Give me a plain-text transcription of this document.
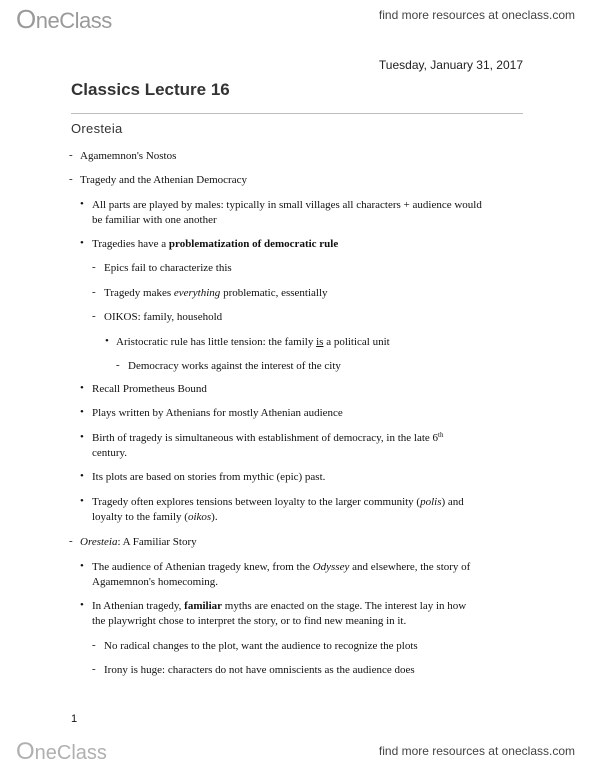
OneClass	find more resources at oneclass.com
Tuesday, January 31, 2017
Classics Lecture 16
Oresteia
- Agamemnon's Nostos
- Tragedy and the Athenian Democracy
• All parts are played by males: typically in small villages all characters + audience would
be familiar with one another
• Tragedies have a problematization of democratic rule
- Epics fail to characterize this
- Tragedy makes everything problematic, essentially
- OIKOS: family, household
• Aristocratic rule has little tension: the family is a political unit
- Democracy works against the interest of the city
• Recall Prometheus Bound
• Plays written by Athenians for mostly Athenian audience
• Birth of tragedy is simultaneous with establishment of democracy, in the late 6th
century.
• Its plots are based on stories from mythic (epic) past.
• Tragedy often explores tensions between loyalty to the larger community (polis) and
loyalty to the family (oikos).
- Oresteia: A Familiar Story
• The audience of Athenian tragedy knew, from the Odyssey and elsewhere, the story of
Agamemnon's homecoming.
• In Athenian tragedy, familiar myths are enacted on the stage. The interest lay in how
the playwright chose to interpret the story, or to find new meaning in it.
- No radical changes to the plot, want the audience to recognize the plots
- Irony is huge: characters do not have omniscients as the audience does
1
OneClass	find more resources at oneclass.com
